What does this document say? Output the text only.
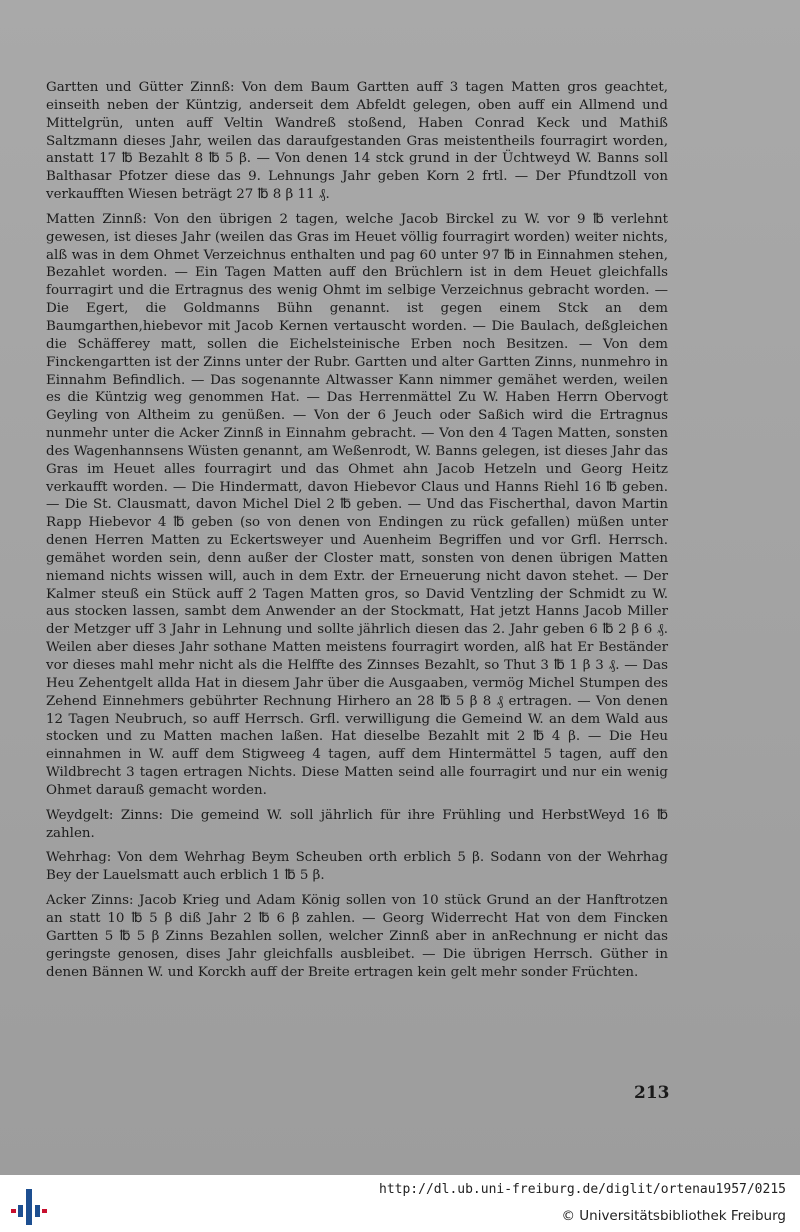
Gartten und Gütter Zinnß: Von dem Baum Gartten auff 3 tagen Matten gros geachtet, einseith neben der Küntzig, anderseit dem Abfeldt gelegen, oben auff ein Allmend und Mittelgrün, unten auff Veltin Wandreß stoßend, Haben Conrad Keck und Mathiß Saltzmann dieses Jahr, weilen das daraufgestanden Gras meistentheils fourragirt worden, anstatt 17 ℔ Bezahlt 8 ℔ 5 β. — Von denen 14 stck grund in der Üchtweyd W. Banns soll Balthasar Pfotzer diese das 9. Lehnungs Jahr geben Korn 2 frtl. — Der Pfundtzoll von verkaufften Wiesen beträgt 27 ℔ 8 β 11 ₰.

Matten Zinnß: Von den übrigen 2 tagen, welche Jacob Birckel zu W. vor 9 ℔ verlehnt gewesen, ist dieses Jahr (weilen das Gras im Heuet völlig fourragirt worden) weiter nichts, alß was in dem Ohmet Verzeichnus enthalten und pag 60 unter 97 ℔ in Einnahmen stehen, Bezahlet worden. — Ein Tagen Matten auff den Brüchlern ist in dem Heuet gleichfalls fourragirt und die Ertragnus des wenig Ohmt im selbige Verzeichnus gebracht worden. — Die Egert, die Goldmanns Bühn genannt. ist gegen einem Stck an dem Baumgarthen,hiebevor mit Jacob Kernen vertauscht worden. — Die Baulach, deßgleichen die Schäfferey matt, sollen die Eichelsteinische Erben noch Besitzen. — Von dem Finckengartten ist der Zinns unter der Rubr. Gartten und alter Gartten Zinns, nunmehro in Einnahm Befindlich. — Das sogenannte Altwasser Kann nimmer gemähet werden, weilen es die Küntzig weg genommen Hat. — Das Herrenmättel Zu W. Haben Herrn Obervogt Geyling von Altheim zu genüßen. — Von der 6 Jeuch oder Saßich wird die Ertragnus nunmehr unter die Acker Zinnß in Einnahm gebracht. — Von den 4 Tagen Matten, sonsten des Wagenhannsens Wüsten genannt, am Weßenrodt, W. Banns gelegen, ist dieses Jahr das Gras im Heuet alles fourragirt und das Ohmet ahn Jacob Hetzeln und Georg Heitz verkaufft worden. — Die Hindermatt, davon Hiebevor Claus und Hanns Riehl 16 ℔ geben. — Die St. Clausmatt, davon Michel Diel 2 ℔ geben. — Und das Fischerthal, davon Martin Rapp Hiebevor 4 ℔ geben (so von denen von Endingen zu rück gefallen) müßen unter denen Herren Matten zu Eckertsweyer und Auenheim Begriffen und vor Grfl. Herrsch. gemähet worden sein, denn außer der Closter matt, sonsten von denen übrigen Matten niemand nichts wissen will, auch in dem Extr. der Erneuerung nicht davon stehet. — Der Kalmer steuß ein Stück auff 2 Tagen Matten gros, so David Ventzling der Schmidt zu W. aus stocken lassen, sambt dem Anwender an der Stockmatt, Hat jetzt Hanns Jacob Miller der Metzger uff 3 Jahr in Lehnung und sollte jährlich diesen das 2. Jahr geben 6 ℔ 2 β 6 ₰. Weilen aber dieses Jahr sothane Matten meistens fourragirt worden, alß hat Er Beständer vor dieses mahl mehr nicht als die Helffte des Zinnses Bezahlt, so Thut 3 ℔ 1 β 3 ₰. — Das Heu Zehentgelt allda Hat in diesem Jahr über die Ausgaaben, vermög Michel Stumpen des Zehend Einnehmers gebührter Rechnung Hirhero an 28 ℔ 5 β 8 ₰ ertragen. — Von denen 12 Tagen Neubruch, so auff Herrsch. Grfl. verwilligung die Gemeind W. an dem Wald aus stocken und zu Matten machen laßen. Hat dieselbe Bezahlt mit 2 ℔ 4 β. — Die Heu einnahmen in W. auff dem Stigweeg 4 tagen, auff dem Hintermättel 5 tagen, auff den Wildbrecht 3 tagen ertragen Nichts. Diese Matten seind alle fourragirt und nur ein wenig Ohmet darauß gemacht worden.

Weydgelt: Zinns: Die gemeind W. soll jährlich für ihre Frühling und HerbstWeyd 16 ℔ zahlen.

Wehrhag: Von dem Wehrhag Beym Scheuben orth erblich 5 β. Sodann von der Wehrhag Bey der Lauelsmatt auch erblich 1 ℔ 5 β.

Acker Zinns: Jacob Krieg und Adam König sollen von 10 stück Grund an der Hanftrotzen an statt 10 ℔ 5 β diß Jahr 2 ℔ 6 β zahlen. — Georg Widerrecht Hat von dem Fincken Gartten 5 ℔ 5 β Zinns Bezahlen sollen, welcher Zinnß aber in anRechnung er nicht das geringste genosen, dises Jahr gleichfalls ausbleibet. — Die übrigen Herrsch. Güther in denen Bännen W. und Korckh auff der Breite ertragen kein gelt mehr sonder Früchten.

213
http://dl.ub.uni-freiburg.de/diglit/ortenau1957/0215
© Universitätsbibliothek Freiburg
